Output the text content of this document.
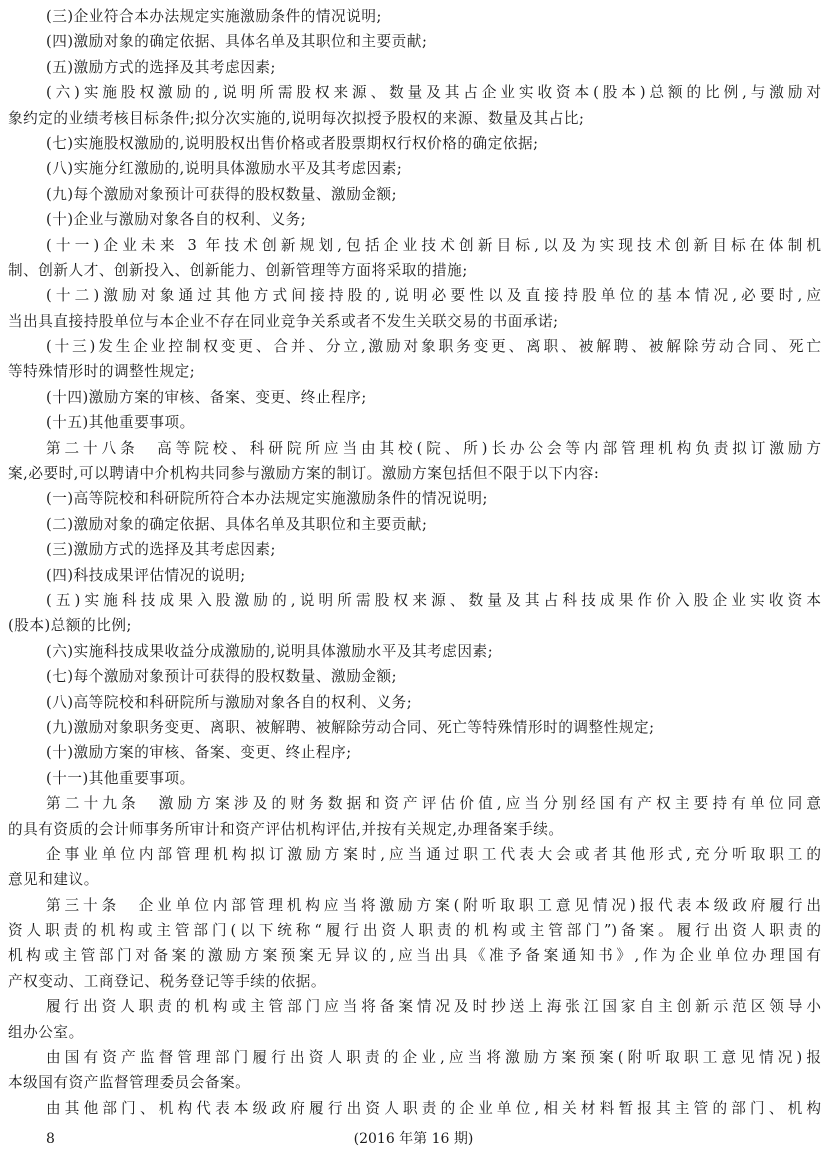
(三)企业符合本办法规定实施激励条件的情况说明;
(四)激励对象的确定依据、具体名单及其职位和主要贡献;
(五)激励方式的选择及其考虑因素;
(六)实施股权激励的,说明所需股权来源、数量及其占企业实收资本(股本)总额的比例,与激励对
象约定的业绩考核目标条件;拟分次实施的,说明每次拟授予股权的来源、数量及其占比;
(七)实施股权激励的,说明股权出售价格或者股票期权行权价格的确定依据;
(八)实施分红激励的,说明具体激励水平及其考虑因素;
(九)每个激励对象预计可获得的股权数量、激励金额;
(十)企业与激励对象各自的权利、义务;
(十一)企业未来 3 年技术创新规划,包括企业技术创新目标,以及为实现技术创新目标在体制机
制、创新人才、创新投入、创新能力、创新管理等方面将采取的措施;
(十二)激励对象通过其他方式间接持股的,说明必要性以及直接持股单位的基本情况,必要时,应
当出具直接持股单位与本企业不存在同业竞争关系或者不发生关联交易的书面承诺;
(十三)发生企业控制权变更、合并、分立,激励对象职务变更、离职、被解聘、被解除劳动合同、死亡
等特殊情形时的调整性规定;
(十四)激励方案的审核、备案、变更、终止程序;
(十五)其他重要事项。
第二十八条　高等院校、科研院所应当由其校(院、所)长办公会等内部管理机构负责拟订激励方
案,必要时,可以聘请中介机构共同参与激励方案的制订。激励方案包括但不限于以下内容:
(一)高等院校和科研院所符合本办法规定实施激励条件的情况说明;
(二)激励对象的确定依据、具体名单及其职位和主要贡献;
(三)激励方式的选择及其考虑因素;
(四)科技成果评估情况的说明;
(五)实施科技成果入股激励的,说明所需股权来源、数量及其占科技成果作价入股企业实收资本
(股本)总额的比例;
(六)实施科技成果收益分成激励的,说明具体激励水平及其考虑因素;
(七)每个激励对象预计可获得的股权数量、激励金额;
(八)高等院校和科研院所与激励对象各自的权利、义务;
(九)激励对象职务变更、离职、被解聘、被解除劳动合同、死亡等特殊情形时的调整性规定;
(十)激励方案的审核、备案、变更、终止程序;
(十一)其他重要事项。
第二十九条　激励方案涉及的财务数据和资产评估价值,应当分别经国有产权主要持有单位同意
的具有资质的会计师事务所审计和资产评估机构评估,并按有关规定,办理备案手续。
企事业单位内部管理机构拟订激励方案时,应当通过职工代表大会或者其他形式,充分听取职工的
意见和建议。
第三十条　企业单位内部管理机构应当将激励方案(附听取职工意见情况)报代表本级政府履行出
资人职责的机构或主管部门(以下统称“履行出资人职责的机构或主管部门”)备案。履行出资人职责的
机构或主管部门对备案的激励方案预案无异议的,应当出具《准予备案通知书》,作为企业单位办理国有
产权变动、工商登记、税务登记等手续的依据。
履行出资人职责的机构或主管部门应当将备案情况及时抄送上海张江国家自主创新示范区领导小
组办公室。
由国有资产监督管理部门履行出资人职责的企业,应当将激励方案预案(附听取职工意见情况)报
本级国有资产监督管理委员会备案。
由其他部门、机构代表本级政府履行出资人职责的企业单位,相关材料暂报其主管的部门、机构
8	(2016 年第 16 期)
